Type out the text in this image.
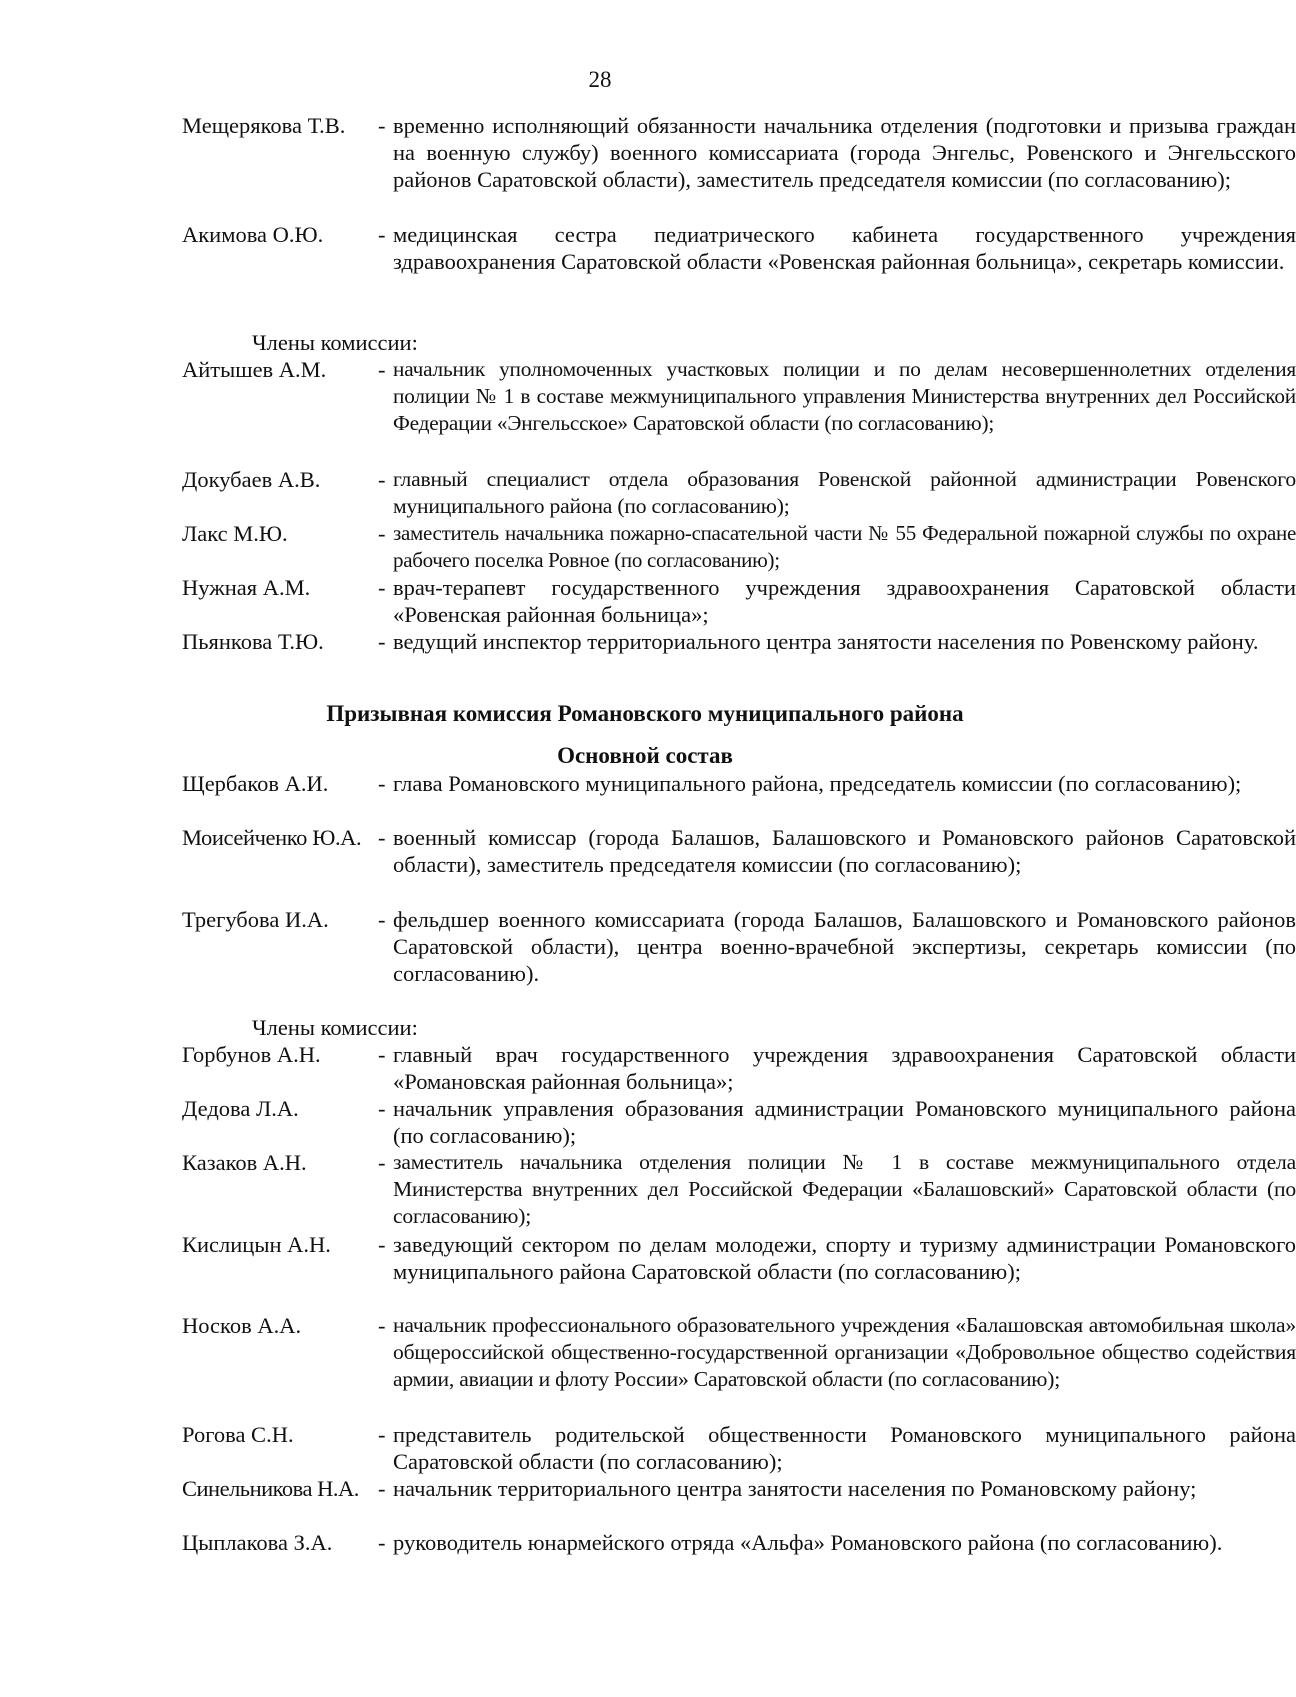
28
Мещерякова Т.В. - временно исполняющий обязанности начальника отделения (подготовки и призыва граждан на военную службу) военного комиссариата (города Энгельс, Ровенского и Энгельсского районов Саратовской области), заместитель председателя комиссии (по согласованию);
Акимова О.Ю. - медицинская сестра педиатрического кабинета государственного учреждения здравоохранения Саратовской области «Ровенская районная больница», секретарь комиссии.
Члены комиссии:
Айтышев А.М. - начальник уполномоченных участковых полиции и по делам несовершеннолетних отделения полиции № 1 в составе межмуниципального управления Министерства внутренних дел Российской Федерации «Энгельсское» Саратовской области (по согласованию);
Докубаев А.В.	- главный специалист отдела образования Ровенской районной администрации Ровенского муниципального района (по согласованию);
Лакс М.Ю.	- заместитель начальника пожарно-спасательной части № 55 Федеральной пожарной службы по охране рабочего поселка Ровное (по согласованию);
Нужная А.М.	- врач-терапевт государственного учреждения здравоохранения Саратовской области «Ровенская районная больница»;
Пьянкова Т.Ю. - ведущий инспектор территориального центра занятости населения по Ровенскому району.
Призывная комиссия Романовского муниципального района
Основной состав
Щербаков А.И. - глава Романовского муниципального района, председатель комиссии (по согласованию);
Моисейченко Ю.А. - военный комиссар (города Балашов, Балашовского и Романовского районов Саратовской области), заместитель председателя комиссии (по согласованию);
Трегубова И.А. - фельдшер военного комиссариата (города Балашов, Балашовского и Романовского районов Саратовской области), центра военно-врачебной экспертизы, секретарь комиссии (по согласованию).
Члены комиссии:
Горбунов А.Н.	- главный врач государственного учреждения здравоохранения Саратовской области «Романовская районная больница»;
Дедова Л.А.	- начальник управления образования администрации Романовского муниципального района (по согласованию);
Казаков А.Н.	- заместитель начальника отделения полиции № 1 в составе межмуниципального отдела Министерства внутренних дел Российской Федерации «Балашовский» Саратовской области (по согласованию);
Кислицын А.Н. - заведующий сектором по делам молодежи, спорту и туризму администрации Романовского муниципального района Саратовской области (по согласованию);
Носков А.А.	- начальник профессионального образовательного учреждения «Балашовская автомобильная школа» общероссийской общественно-государственной организации «Добровольное общество содействия армии, авиации и флоту России» Саратовской области (по согласованию);
Рогова С.Н.	- представитель родительской общественности Романовского муниципального района Саратовской области (по согласованию);
Синельникова Н.А. - начальник территориального центра занятости населения по Романовскому району;
Цыплакова З.А. - руководитель юнармейского отряда «Альфа» Романовского района (по согласованию).
